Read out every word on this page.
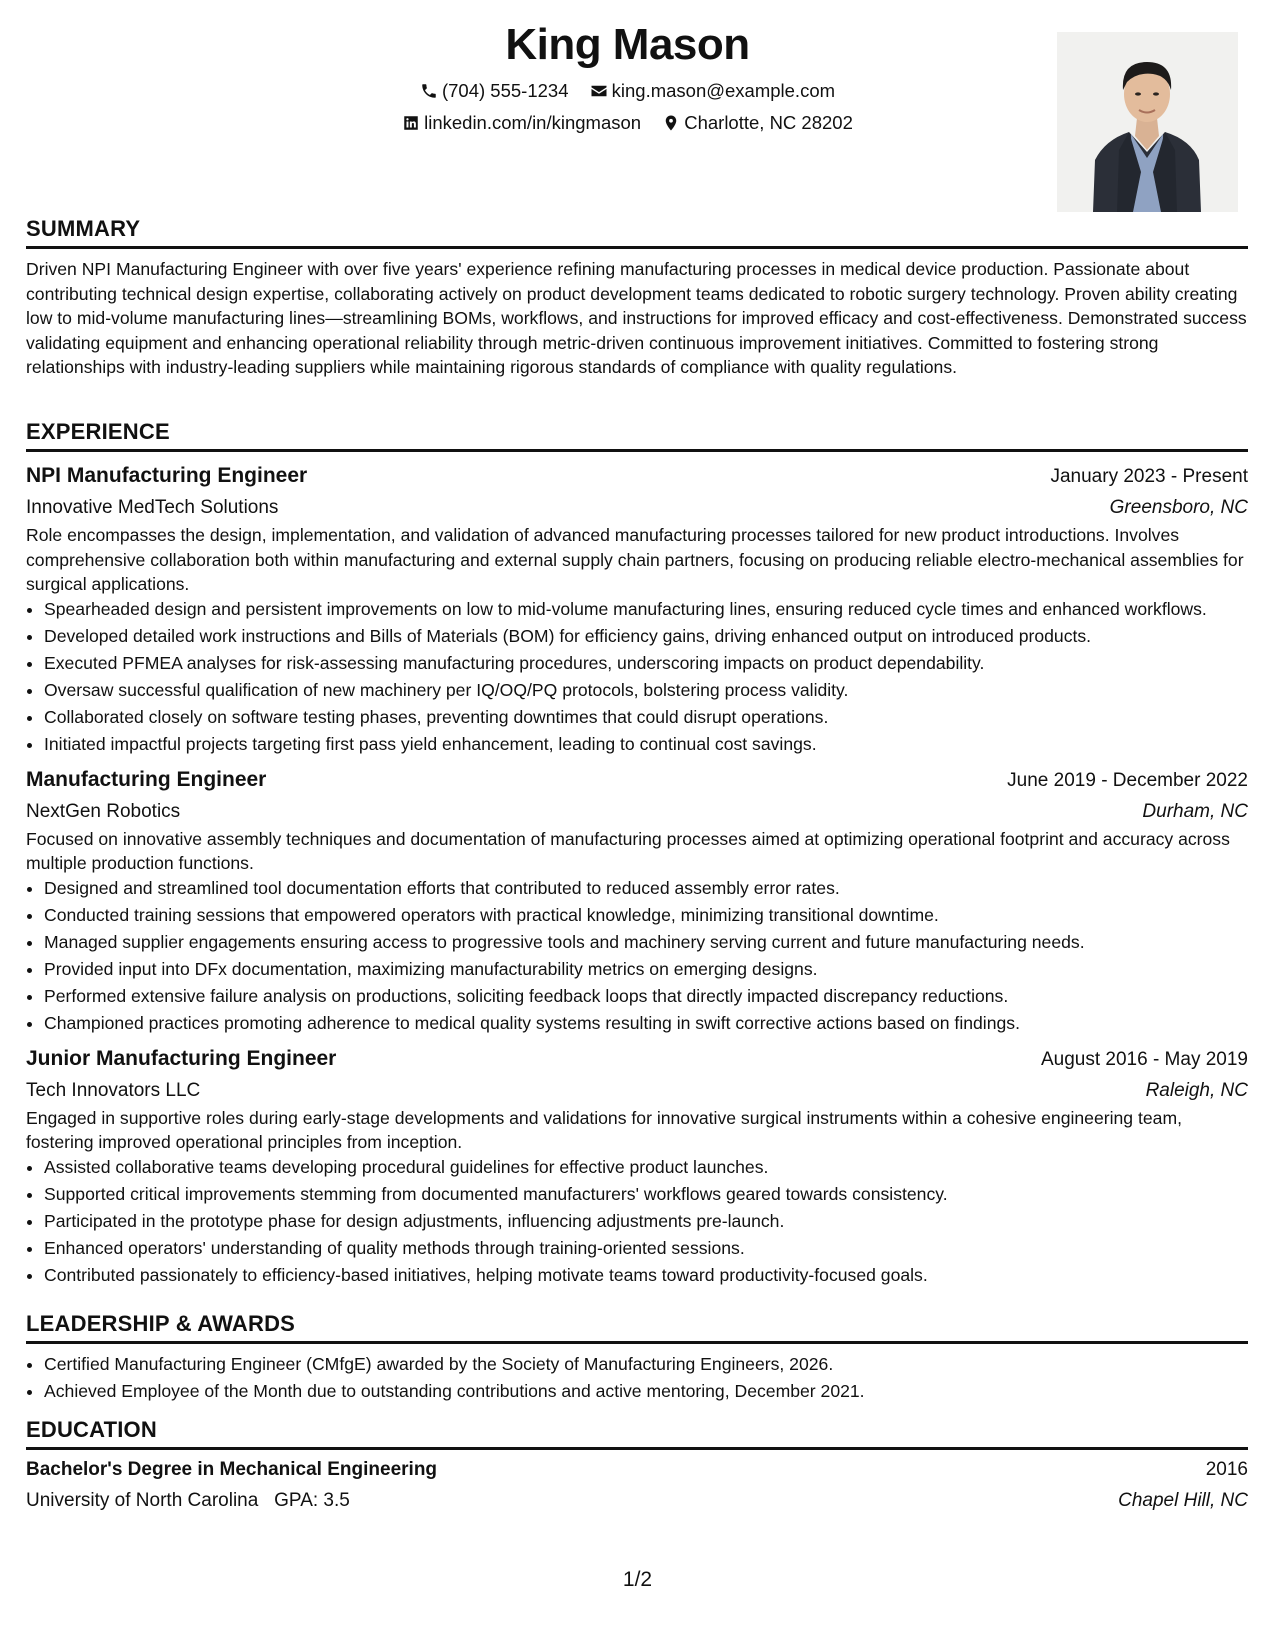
King Mason
(704) 555-1234
king.mason@example.com
linkedin.com/in/kingmason
Charlotte, NC 28202
SUMMARY

Driven NPI Manufacturing Engineer with over five years' experience refining manufacturing processes in medical device production. Passionate about contributing technical design expertise, collaborating actively on product development teams dedicated to robotic surgery technology. Proven ability creating low to mid-volume manufacturing lines—streamlining BOMs, workflows, and instructions for improved efficacy and cost-effectiveness. Demonstrated success validating equipment and enhancing operational reliability through metric-driven continuous improvement initiatives. Committed to fostering strong relationships with industry-leading suppliers while maintaining rigorous standards of compliance with quality regulations.

EXPERIENCE
NPI Manufacturing Engineer	January 2023 - Present
Innovative MedTech Solutions	Greensboro, NC

Role encompasses the design, implementation, and validation of advanced manufacturing processes tailored for new product introductions. Involves comprehensive collaboration both within manufacturing and external supply chain partners, focusing on producing reliable electro-mechanical assemblies for surgical applications.

• Spearheaded design and persistent improvements on low to mid-volume manufacturing lines, ensuring reduced cycle times and enhanced workflows.
• Developed detailed work instructions and Bills of Materials (BOM) for efficiency gains, driving enhanced output on introduced products.
• Executed PFMEA analyses for risk-assessing manufacturing procedures, underscoring impacts on product dependability.
• Oversaw successful qualification of new machinery per IQ/OQ/PQ protocols, bolstering process validity.
• Collaborated closely on software testing phases, preventing downtimes that could disrupt operations.
• Initiated impactful projects targeting first pass yield enhancement, leading to continual cost savings.
Manufacturing Engineer	June 2019 - December 2022
NextGen Robotics	Durham, NC

Focused on innovative assembly techniques and documentation of manufacturing processes aimed at optimizing operational footprint and accuracy across multiple production functions.

• Designed and streamlined tool documentation efforts that contributed to reduced assembly error rates.
• Conducted training sessions that empowered operators with practical knowledge, minimizing transitional downtime.
• Managed supplier engagements ensuring access to progressive tools and machinery serving current and future manufacturing needs.
• Provided input into DFx documentation, maximizing manufacturability metrics on emerging designs.
• Performed extensive failure analysis on productions, soliciting feedback loops that directly impacted discrepancy reductions.
• Championed practices promoting adherence to medical quality systems resulting in swift corrective actions based on findings.
Junior Manufacturing Engineer	August 2016 - May 2019
Tech Innovators LLC	Raleigh, NC

Engaged in supportive roles during early-stage developments and validations for innovative surgical instruments within a cohesive engineering team, fostering improved operational principles from inception.

• Assisted collaborative teams developing procedural guidelines for effective product launches.
• Supported critical improvements stemming from documented manufacturers' workflows geared towards consistency.
• Participated in the prototype phase for design adjustments, influencing adjustments pre-launch.
• Enhanced operators' understanding of quality methods through training-oriented sessions.
• Contributed passionately to efficiency-based initiatives, helping motivate teams toward productivity-focused goals.
LEADERSHIP & AWARDS
• Certified Manufacturing Engineer (CMfgE) awarded by the Society of Manufacturing Engineers, 2026.
• Achieved Employee of the Month due to outstanding contributions and active mentoring, December 2021.
EDUCATION
Bachelor's Degree in Mechanical Engineering	2016
University of North Carolina GPA: 3.5	Chapel Hill, NC
1/2
